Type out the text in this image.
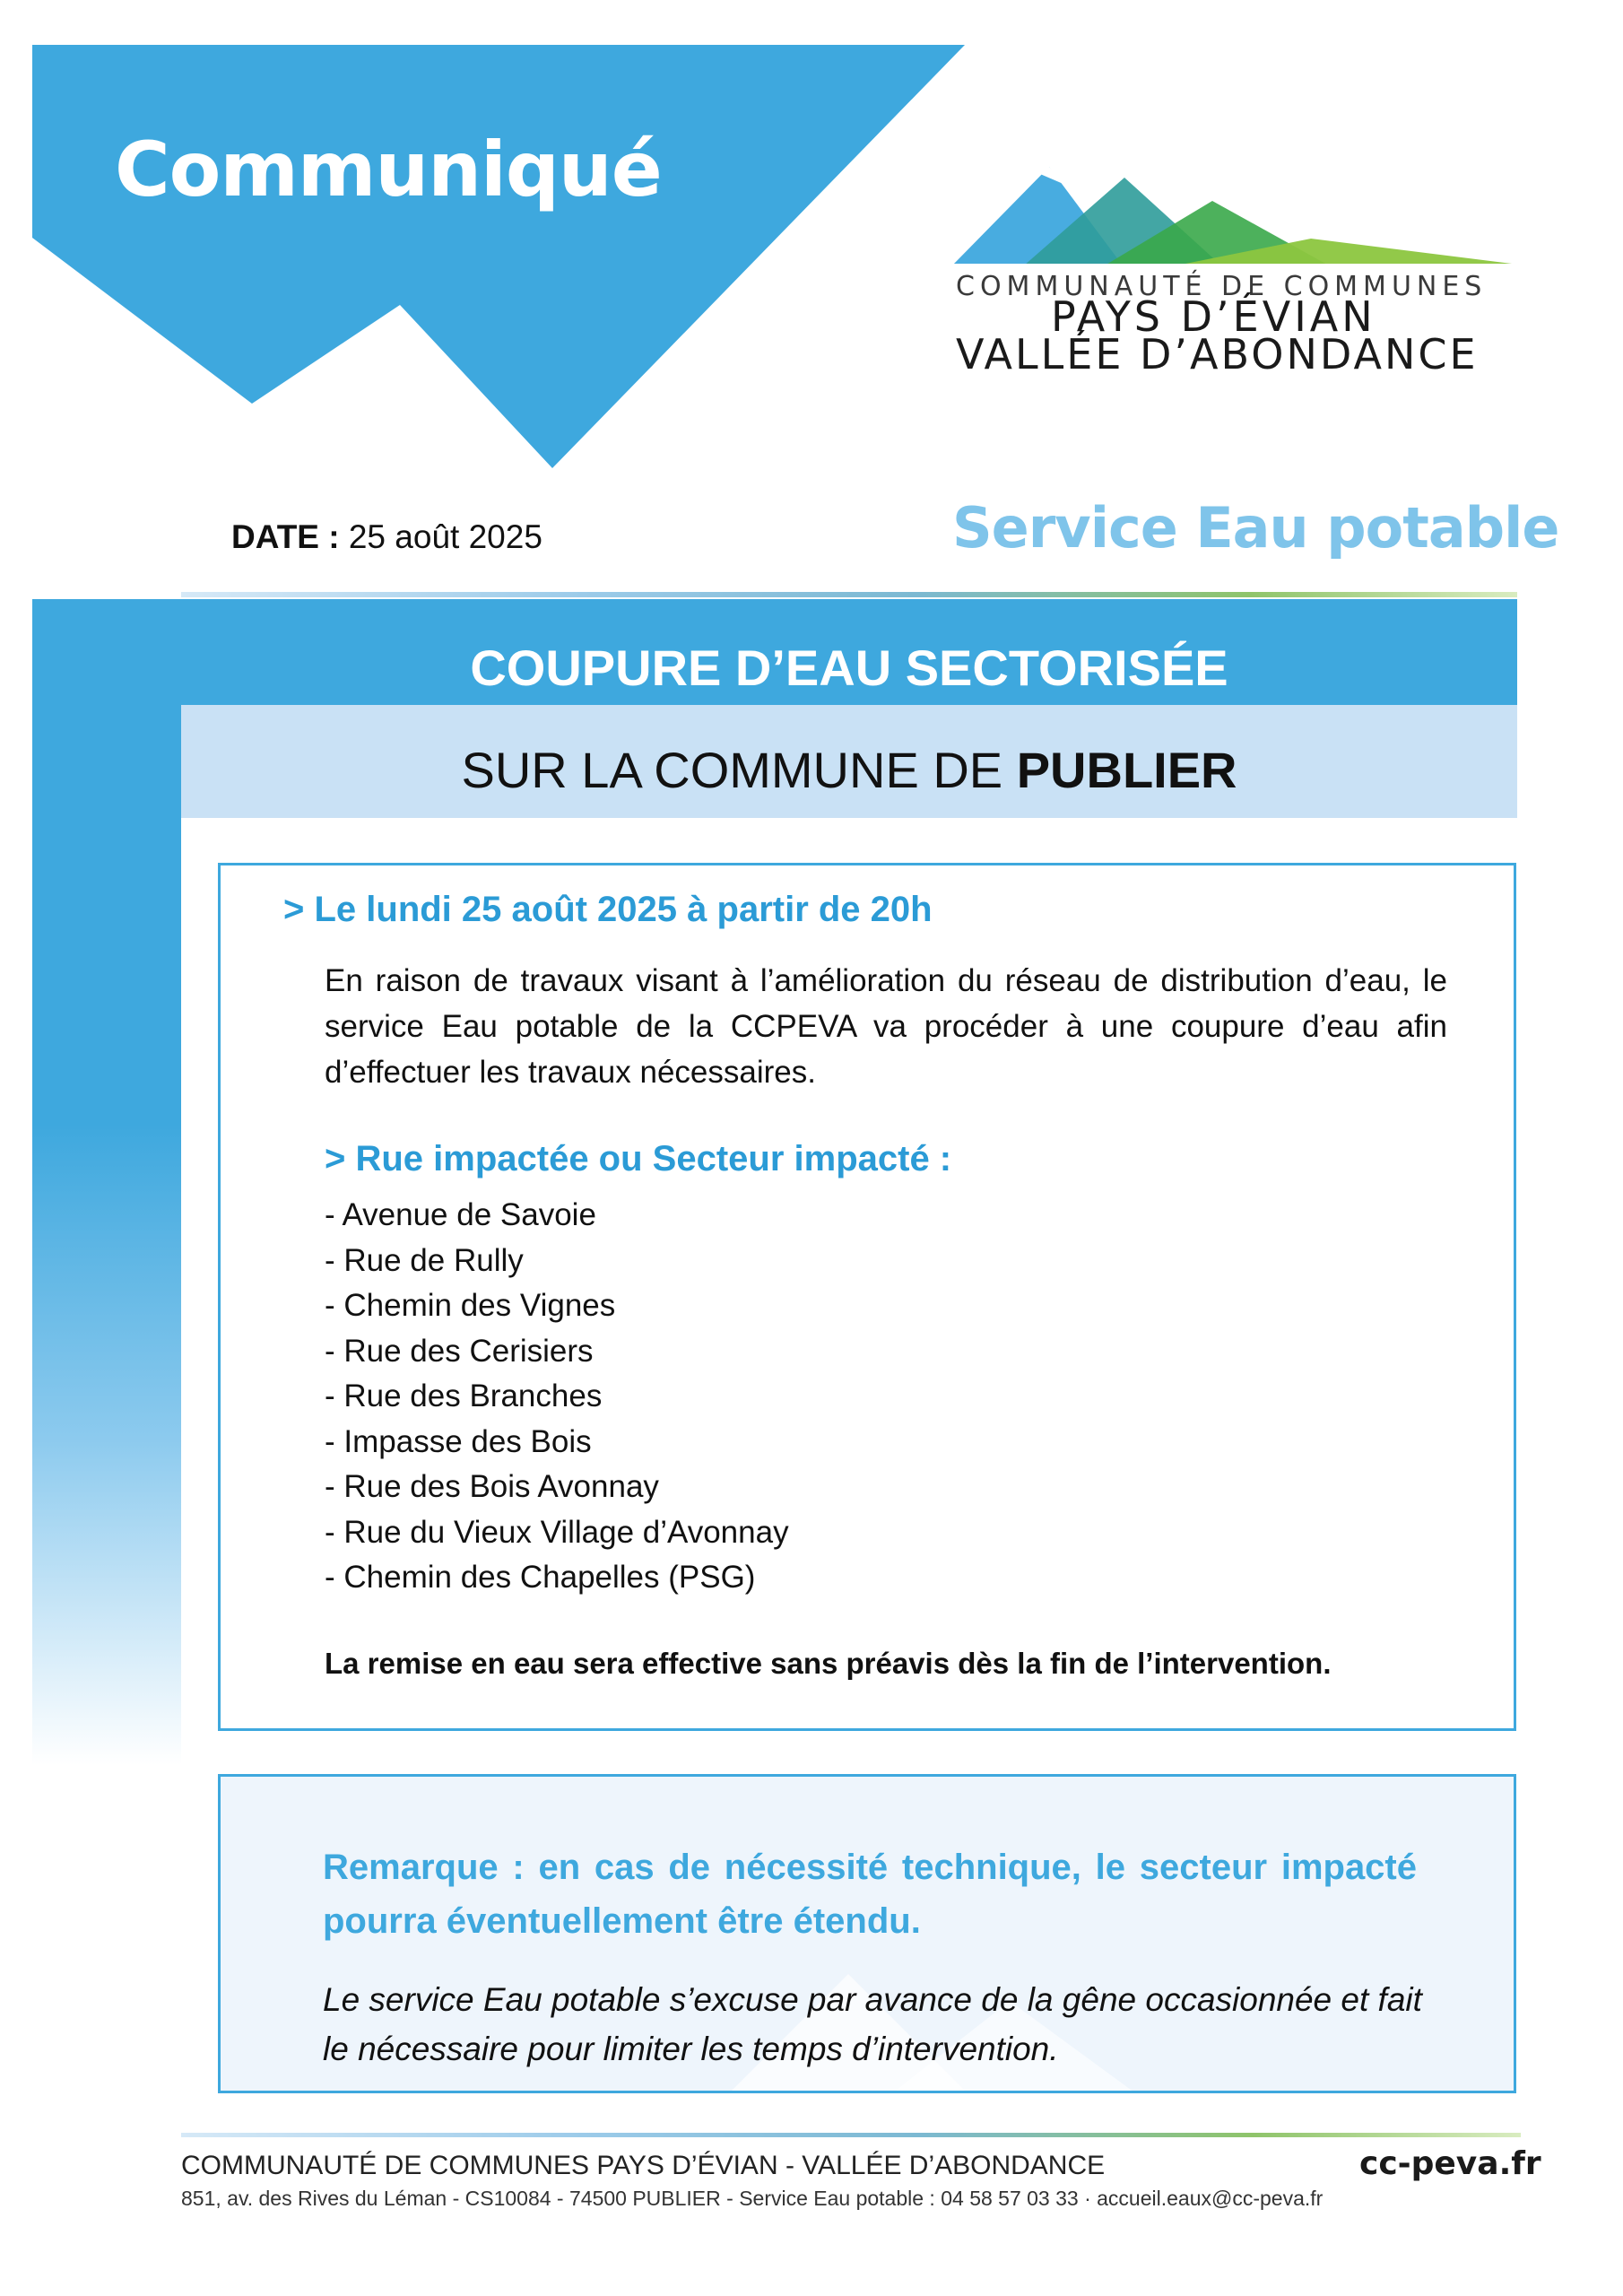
Communiqué
COMMUNAUTÉ DE COMMUNES
PAYS D’ÉVIAN
VALLÉE D’ABONDANCE
DATE : 25 août 2025	Service Eau potable
COUPURE D’EAU SECTORISÉE
SUR LA COMMUNE DE PUBLIER
> Le lundi 25 août 2025 à partir de 20h

En raison de travaux visant à l’amélioration du réseau de distribution d’eau, le service Eau potable de la CCPEVA va procéder à une coupure d’eau afin d’effectuer les travaux nécessaires.

> Rue impactée ou Secteur impacté :
- Avenue de Savoie
- Rue de Rully
- Chemin des Vignes
- Rue des Cerisiers
- Rue des Branches
- Impasse des Bois
- Rue des Bois Avonnay
- Rue du Vieux Village d’Avonnay
- Chemin des Chapelles (PSG)
La remise en eau sera effective sans préavis dès la fin de l’intervention.

Remarque : en cas de nécessité technique, le secteur impacté pourra éventuellement être étendu.

Le service Eau potable s’excuse par avance de la gêne occasionnée et fait le nécessaire pour limiter les temps d’intervention.

COMMUNAUTÉ DE COMMUNES PAYS D’ÉVIAN - VALLÉE D’ABONDANCE
851, av. des Rives du Léman - CS10084 - 74500 PUBLIER - Service Eau potable : 04 58 57 03 33 · accueil.eaux@cc-peva.fr
cc-peva.fr
